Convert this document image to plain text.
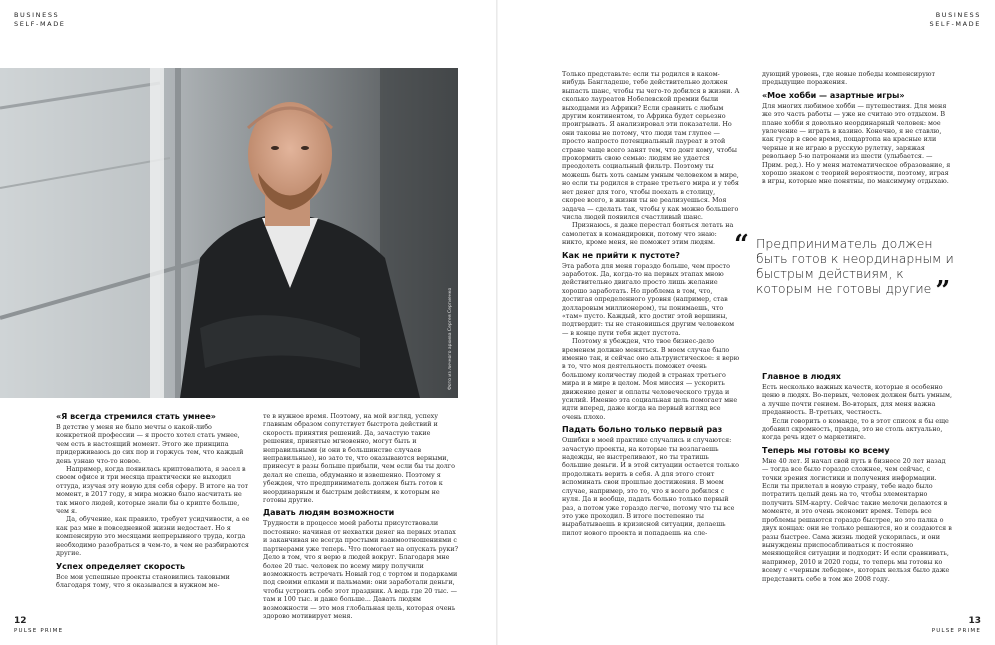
BUSINESS
SELF-MADE
Фото из личного архива Сергея Сергиенко
«Я всегда стремился стать умнее»

В детстве у меня не было мечты о какой-либо конкретной профессии — я просто хотел стать умнее, чем есть в настоящий момент. Этого же принципа придерживаюсь до сих пор и горжусь тем, что каждый день узнаю что-то новое.

Например, когда появилась криптовалюта, я засел в своем офисе и три месяца практически не выходил оттуда, изучая эту новую для себя сферу. В итоге на тот момент, в 2017 году, я мира можно было насчитать не так много людей, которые знали бы о крипте больше, чем я.

Да, обучение, как правило, требует усидчивости, а ее как раз мне в повседневной жизни недостает. Но я компенсирую это месяцами непрерывного труда, когда необходимо разобраться в чем-то, в чем не разбираются другие.

Успех определяет скорость

Все мои успешные проекты становились таковыми благодаря тому, что я оказывался в нужном ме-

те в нужное время. Поэтому, на мой взгляд, успеху главным образом сопутствует быстрота действий и скорость принятия решений. Да, зачастую такие решения, принятые мгновенно, могут быть и неправильными (и они в большинстве случаев неправильные), но зато те, что оказываются верными, принесут в разы больше прибыли, чем если бы ты долго делал не спеша, обдуманно и взвешенно. Поэтому я убежден, что предприниматель должен быть готов к неординарным и быстрым действиям, к которым не готовы другие.

Давать людям возможности

Трудности в процессе моей работы присутствовали постоянно: начиная от нехватки денег на первых этапах и заканчивая не всегда простыми взаимоотношениями с партнерами уже теперь. Что помогает на опускать руки? Дело в том, что я верю в людей вокруг. Благодаря мне более 20 тыс. человек по всему миру получили возможность встречать Новый год с тортом и подарками под своими елками и пальмами: они заработали деньги, чтобы устроить себе этот праздник. А ведь где 20 тыс. — там и 100 тыс. и даже больше... Давать людям возможности — это моя глобальная цель, которая очень здорово мотивирует меня.

12
PULSE PRIME
BUSINESS
SELF-MADE

Только представьте: если ты родился в каком-нибудь Бангладеше, тебе действительно должен выпасть шанс, чтобы ты чего-то добился в жизни. А сколько лауреатов Нобелевской премии были выходцами из Африки? Если сравнить с любым другим континентом, то Африка будет серьезно проигрывать. Я анализировал эти показатели. Но они таковы не потому, что люди там глупее — просто напросто потенциальный лауреат в этой стране чаще всего занят тем, что донт кому, чтобы прокормить свою семью: людям не удается преодолеть социальный фильтр. Поэтому ты можешь быть хоть самым умным человеком в мире, но если ты родился в стране третьего мира и у тебя нет денег для того, чтобы поехать в столицу, скорее всего, в жизни ты не реализуешься. Моя задача — сделать так, чтобы у как можно большего числа людей появился счастливый шанс.

Признаюсь, я даже перестал бояться летать на самолетах в командировки, потому что знаю: никто, кроме меня, не поможет этим людям.

Как не прийти к пустоте?

Эта работа для меня гораздо больше, чем просто заработок. Да, когда-то на первых этапах мною действительно двигало просто лишь желание хорошо заработать. Но проблема в том, что, достигая определенного уровня (например, став долларовым миллионером), ты понимаешь, что «там» пусто. Каждый, кто достиг этой вершины, подтвердит: ты не становишься другим человеком — в конце пути тебя ждет пустота.

Поэтому я убежден, что твое бизнес-дело временем должно меняться. В моем случае было именно так, и сейчас оно альтруистическое: я верю в то, что моя деятельность поможет очень большому количеству людей в странах третьего мира и в мире в целом. Моя миссия — ускорить движение денег и оплаты человеческого труда и усилий. Именно эта социальная цель помогает мне идти вперед, даже когда на первый взгляд все очень плохо.

Падать больно только первый раз

Ошибки в моей практике случались и случаются: зачастую проекты, на которые ты возлагаешь надежды, не выстреливают, но ты тратишь большие деньги. И в этой ситуации остается только продолжать верить в себя. А для этого стоит вспоминать свои прошлые достижения. В моем случае, например, это то, что я всего добился с нуля. Да и вообще, падать больно только первый раз, а потом уже гораздо легче, потому что ты все это уже проходил. В итоге постепенно ты вырабатываешь в кризисной ситуации, делаешь пилот нового проекта и попадаешь на сле-

дующий уровень, где новые победы компенсируют предыдущие поражения.

«Мое хобби — азартные игры»

Для многих любимое хобби — путешествия. Для меня же это часть работы — уже не считаю это отдыхом. В плане хобби я довольно неординарный человек: мое увлечение — играть в казино. Конечно, я не ставлю, как гусар в свое время, пощартопа на красные или черные и не играю в русскую рулетку, заряжая револьвер 5-ю патронами из шести (улыбается. — Прим. ред.). Но у меня математическое образование, я хорошо знаком с теорией вероятности, поэтому, играя в игры, которые мне понятны, по максимуму отдыхаю.

“ Предприниматель должен быть готов к неординарным и быстрым действиям, к которым не готовы другие ”
Главное в людях

Есть несколько важных качеств, которые я особенно ценю в людях. Во-первых, человек должен быть умным, а лучше почти гением. Во-вторых, для меня важна преданность. В-третьих, честность.

Если говорить о команде, то в этот список я бы еще добавил скромность, правда, это не столь актуально, когда речь идет о маркетинге.

Теперь мы готовы ко всему

Мне 40 лет. Я начал свой путь в бизнесе 20 лет назад — тогда все было гораздо сложнее, чем сейчас, с точки зрения логистики и получения информации. Если ты прилетал в новую страну, тебе надо было потратить целый день на то, чтобы элементарно получить SIM-карту. Сейчас такие мелочи делаются в моменте, и это очень экономит время. Теперь все проблемы решаются гораздо быстрее, но это палка о двух концах: они не только решаются, но и создаются в разы быстрее. Сама жизнь людей ускорилась, и они вынуждены приспосабливаться к постоянно меняющейся ситуации и подходит: И если сравнивать, например, 2010 и 2020 годы, то теперь мы готовы ко всему с «черным лебедем», которых нельзя было даже представить себе в том же 2008 году.

13
PULSE PRIME
